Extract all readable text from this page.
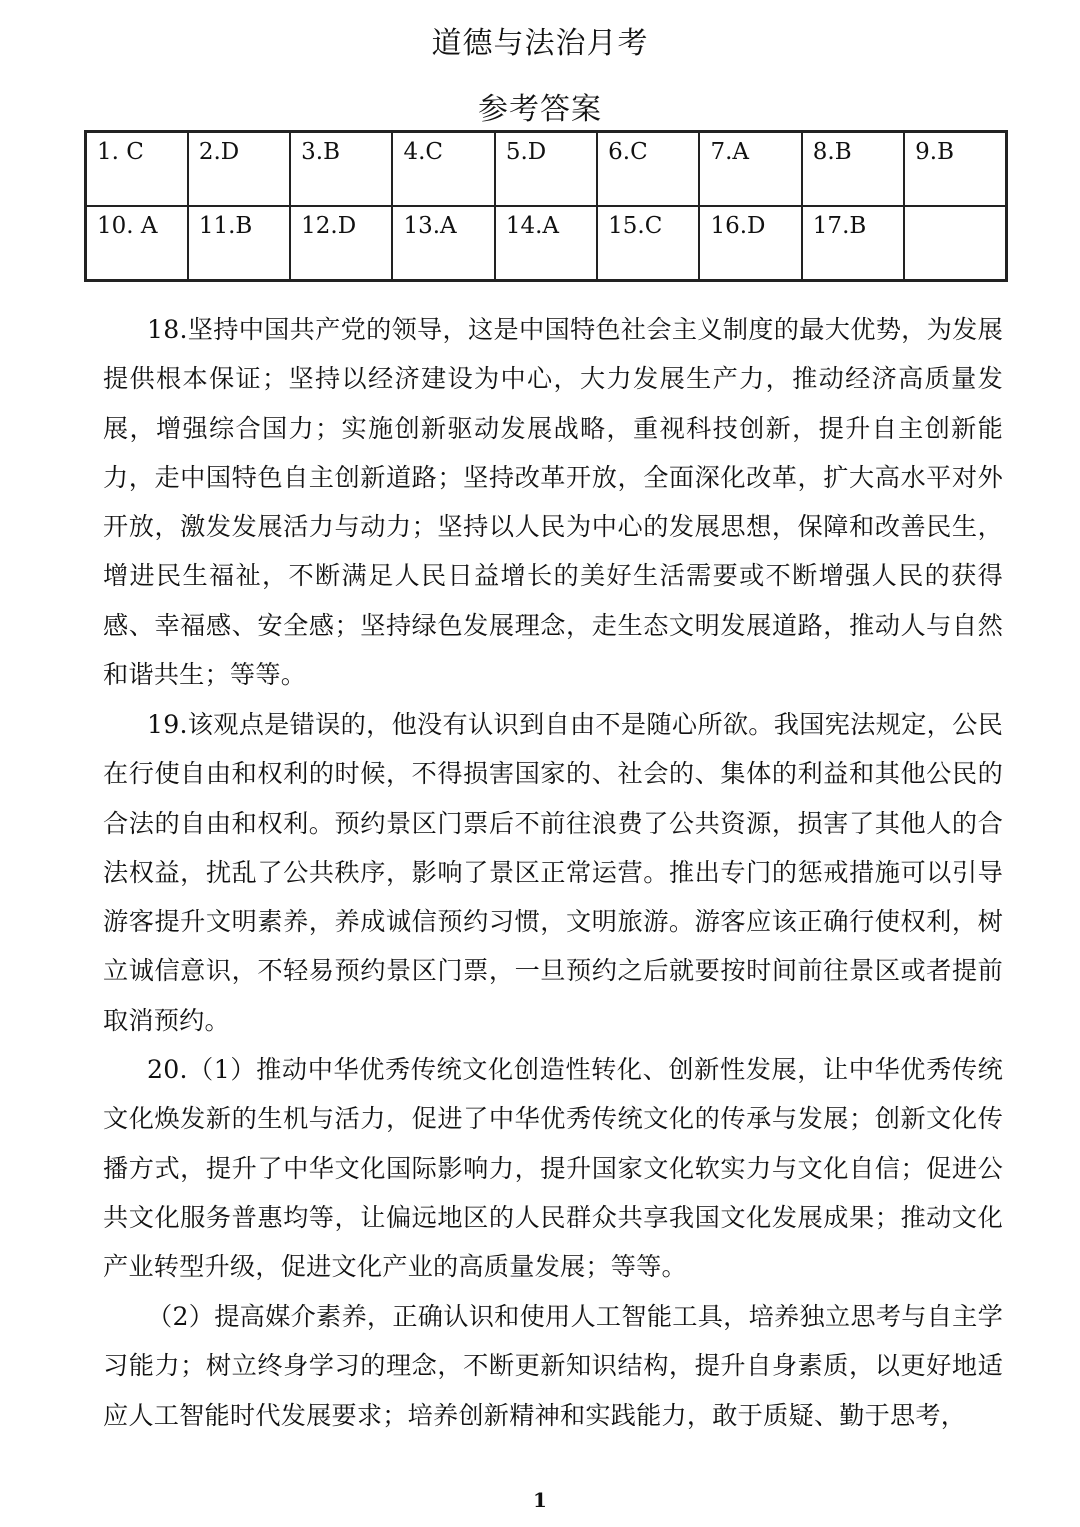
道德与法治月考
参考答案
1. C	2.D	3.B	4.C	5.D	6.C	7.A	8.B	9.B
10. A	11.B	12.D	13.A	14.A	15.C	16.D	17.B	
18.坚持中国共产党的领导，这是中国特色社会主义制度的最大优势，为发展提供根本保证；坚持以经济建设为中心，大力发展生产力，推动经济高质量发展，增强综合国力；实施创新驱动发展战略，重视科技创新，提升自主创新能力，走中国特色自主创新道路；坚持改革开放，全面深化改革，扩大高水平对外开放，激发发展活力与动力；坚持以人民为中心的发展思想，保障和改善民生，增进民生福祉，不断满足人民日益增长的美好生活需要或不断增强人民的获得感、幸福感、安全感；坚持绿色发展理念，走生态文明发展道路，推动人与自然和谐共生；等等。
19.该观点是错误的，他没有认识到自由不是随心所欲。我国宪法规定，公民在行使自由和权利的时候，不得损害国家的、社会的、集体的利益和其他公民的合法的自由和权利。预约景区门票后不前往浪费了公共资源，损害了其他人的合法权益，扰乱了公共秩序，影响了景区正常运营。推出专门的惩戒措施可以引导游客提升文明素养，养成诚信预约习惯，文明旅游。游客应该正确行使权利，树立诚信意识，不轻易预约景区门票，一旦预约之后就要按时间前往景区或者提前取消预约。
20.（1）推动中华优秀传统文化创造性转化、创新性发展，让中华优秀传统文化焕发新的生机与活力，促进了中华优秀传统文化的传承与发展；创新文化传播方式，提升了中华文化国际影响力，提升国家文化软实力与文化自信；促进公共文化服务普惠均等，让偏远地区的人民群众共享我国文化发展成果；推动文化产业转型升级，促进文化产业的高质量发展；等等。
（2）提高媒介素养，正确认识和使用人工智能工具，培养独立思考与自主学习能力；树立终身学习的理念，不断更新知识结构，提升自身素质，以更好地适应人工智能时代发展要求；培养创新精神和实践能力，敢于质疑、勤于思考，
1
